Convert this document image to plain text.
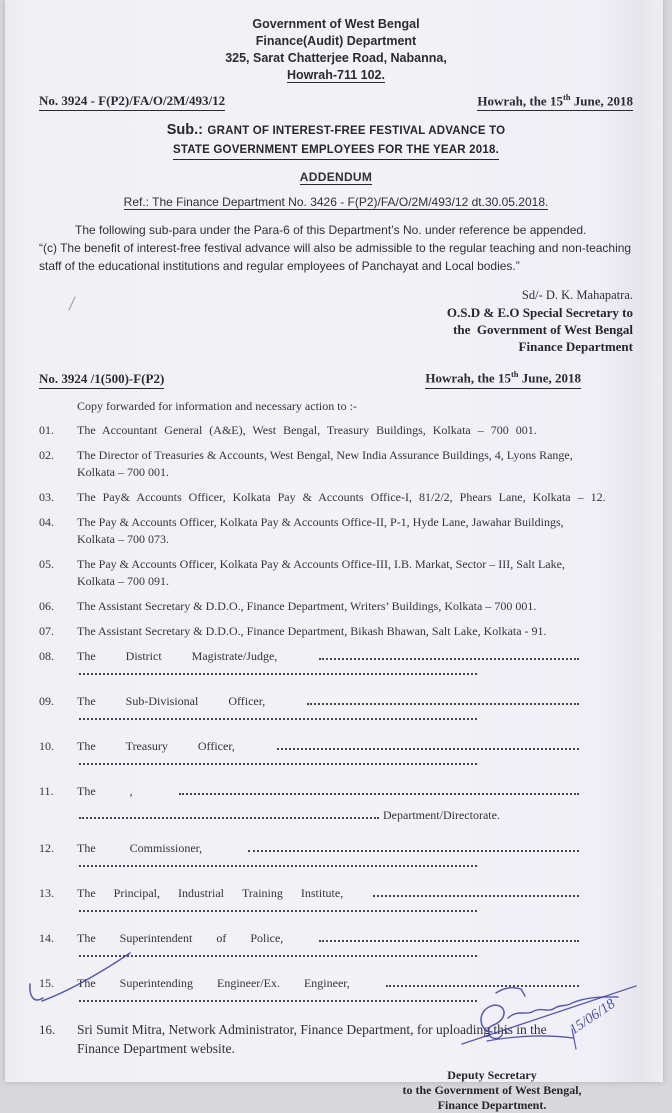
Government of West Bengal
Finance(Audit) Department
325, Sarat Chatterjee Road, Nabanna,
Howrah-711 102.
No. 3924 - F(P2)/FA/O/2M/493/12	Howrah, the 15th June, 2018
Sub.: GRANT OF INTEREST-FREE FESTIVAL ADVANCE TO
STATE GOVERNMENT EMPLOYEES FOR THE YEAR 2018.
ADDENDUM
Ref.: The Finance Department No. 3426 - F(P2)/FA/O/2M/493/12 dt.30.05.2018.
The following sub-para under the Para-6 of this Department’s No. under reference be appended.
“(c) The benefit of interest-free festival advance will also be admissible to the regular teaching and non-teaching staff of the educational institutions and regular employees of Panchayat and Local bodies.”
Sd/- D. K. Mahapatra.
O.S.D & E.O Special Secretary to
the  Government of West Bengal
Finance Department
No. 3924 /1(500)-F(P2)	Howrah, the 15th June, 2018
Copy forwarded for information and necessary action to :-
01.	The Accountant General (A&E), West Bengal, Treasury Buildings, Kolkata – 700 001.
02.	The Director of Treasuries & Accounts, West Bengal, New India Assurance Buildings, 4, Lyons Range,
Kolkata – 700 001.
03.	The Pay& Accounts Officer, Kolkata Pay & Accounts Office-I, 81/2/2, Phears Lane, Kolkata – 12.
04.	The Pay & Accounts Officer, Kolkata Pay & Accounts Office-II, P-1, Hyde Lane, Jawahar Buildings,
Kolkata – 700 073.
05.	The Pay & Accounts Officer, Kolkata Pay & Accounts Office-III, I.B. Markat, Sector – III, Salt Lake,
Kolkata – 700 091.
06.	The Assistant Secretary & D.D.O., Finance Department, Writers’ Buildings, Kolkata – 700 001.
07.	The Assistant Secretary & D.D.O., Finance Department, Bikash Bhawan, Salt Lake, Kolkata - 91.
08.	The	District	Magistrate/Judge,
09.	The	Sub-Divisional	Officer,
10.	The	Treasury	Officer,
11.	The	,
Department/Directorate.
12.	The	Commissioner,
13.	The Principal, Industrial Training Institute,
14.	The Superintendent of Police,
15.	The Superintending Engineer/Ex. Engineer,
16.	Sri Sumit Mitra, Network Administrator, Finance Department, for uploading this in the
Finance Department website.
Deputy Secretary
to the Government of West Bengal,
Finance Department.
15/06/18
